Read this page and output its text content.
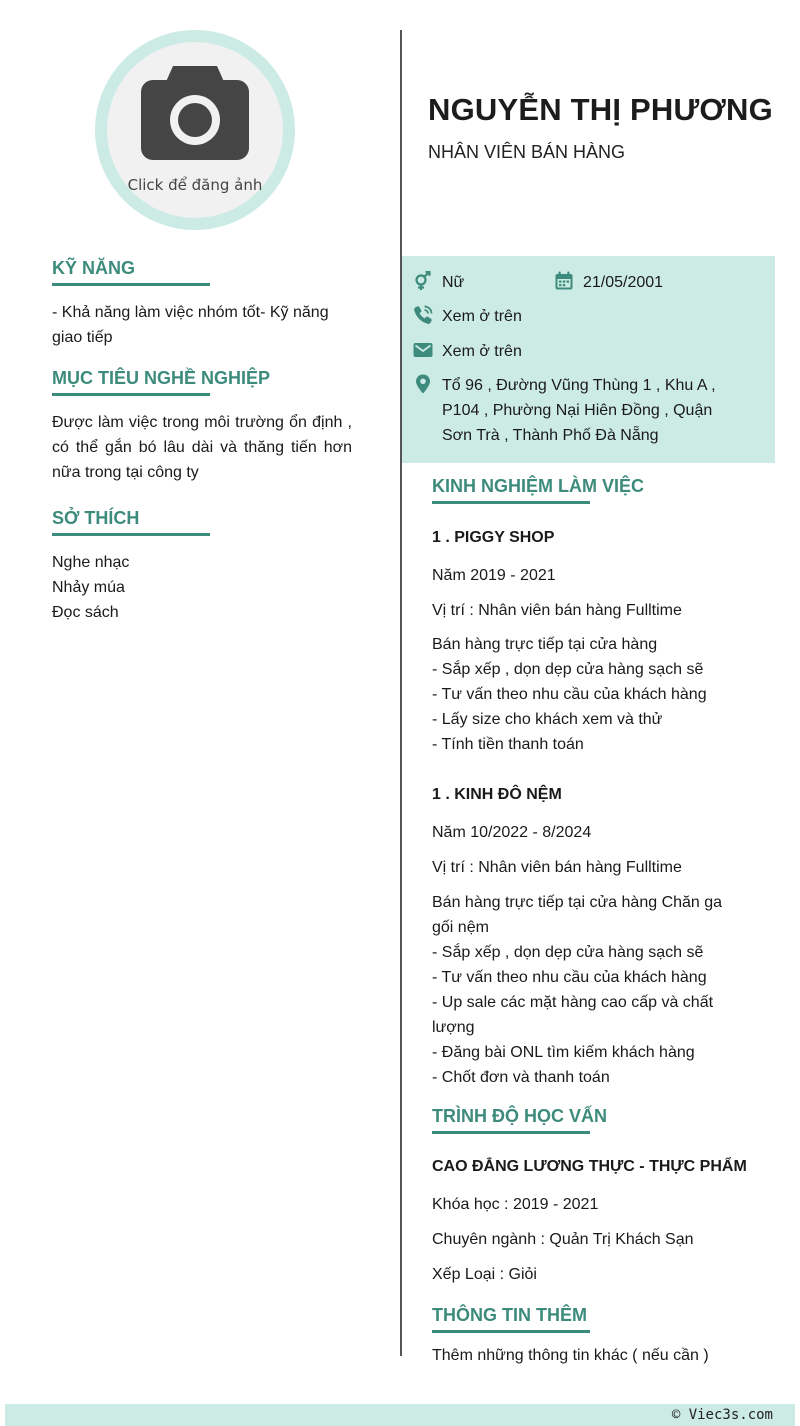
Click để đăng ảnh
KỸ NĂNG
- Khả năng làm việc nhóm tốt- Kỹ năng
giao tiếp
MỤC TIÊU NGHỀ NGHIỆP
Được làm việc trong môi trường ổn định , có thể gắn bó lâu dài và thăng tiến hơn nữa trong tại công ty
SỞ THÍCH
Nghe nhạc
Nhảy múa
Đọc sách
NGUYỄN THỊ PHƯƠNG
NHÂN VIÊN BÁN HÀNG
Nữ	21/05/2001
Xem ở trên
Xem ở trên
Tổ 96 , Đường Vũng Thùng 1 , Khu A ,
P104 , Phường Nại Hiên Đồng , Quận
Sơn Trà , Thành Phố Đà Nẵng
KINH NGHIỆM LÀM VIỆC
1 . PIGGY SHOP
Năm 2019 - 2021
Vị trí : Nhân viên bán hàng Fulltime
Bán hàng trực tiếp tại cửa hàng
- Sắp xếp , dọn dẹp cửa hàng sạch sẽ
- Tư vấn theo nhu cầu của khách hàng
- Lấy size cho khách xem và thử
- Tính tiền thanh toán
1 . KINH ĐÔ NỆM
Năm 10/2022 - 8/2024
Vị trí : Nhân viên bán hàng Fulltime
Bán hàng trực tiếp tại cửa hàng Chăn ga
gối nệm
- Sắp xếp , dọn dẹp cửa hàng sạch sẽ
- Tư vấn theo nhu cầu của khách hàng
- Up sale các mặt hàng cao cấp và chất
lượng
- Đăng bài ONL tìm kiếm khách hàng
- Chốt đơn và thanh toán
TRÌNH ĐỘ HỌC VẤN
CAO ĐẲNG LƯƠNG THỰC - THỰC PHẨM
Khóa học : 2019 - 2021
Chuyên ngành : Quản Trị Khách Sạn
Xếp Loại : Giỏi
THÔNG TIN THÊM
Thêm những thông tin khác ( nếu cần )
© Viec3s.com
